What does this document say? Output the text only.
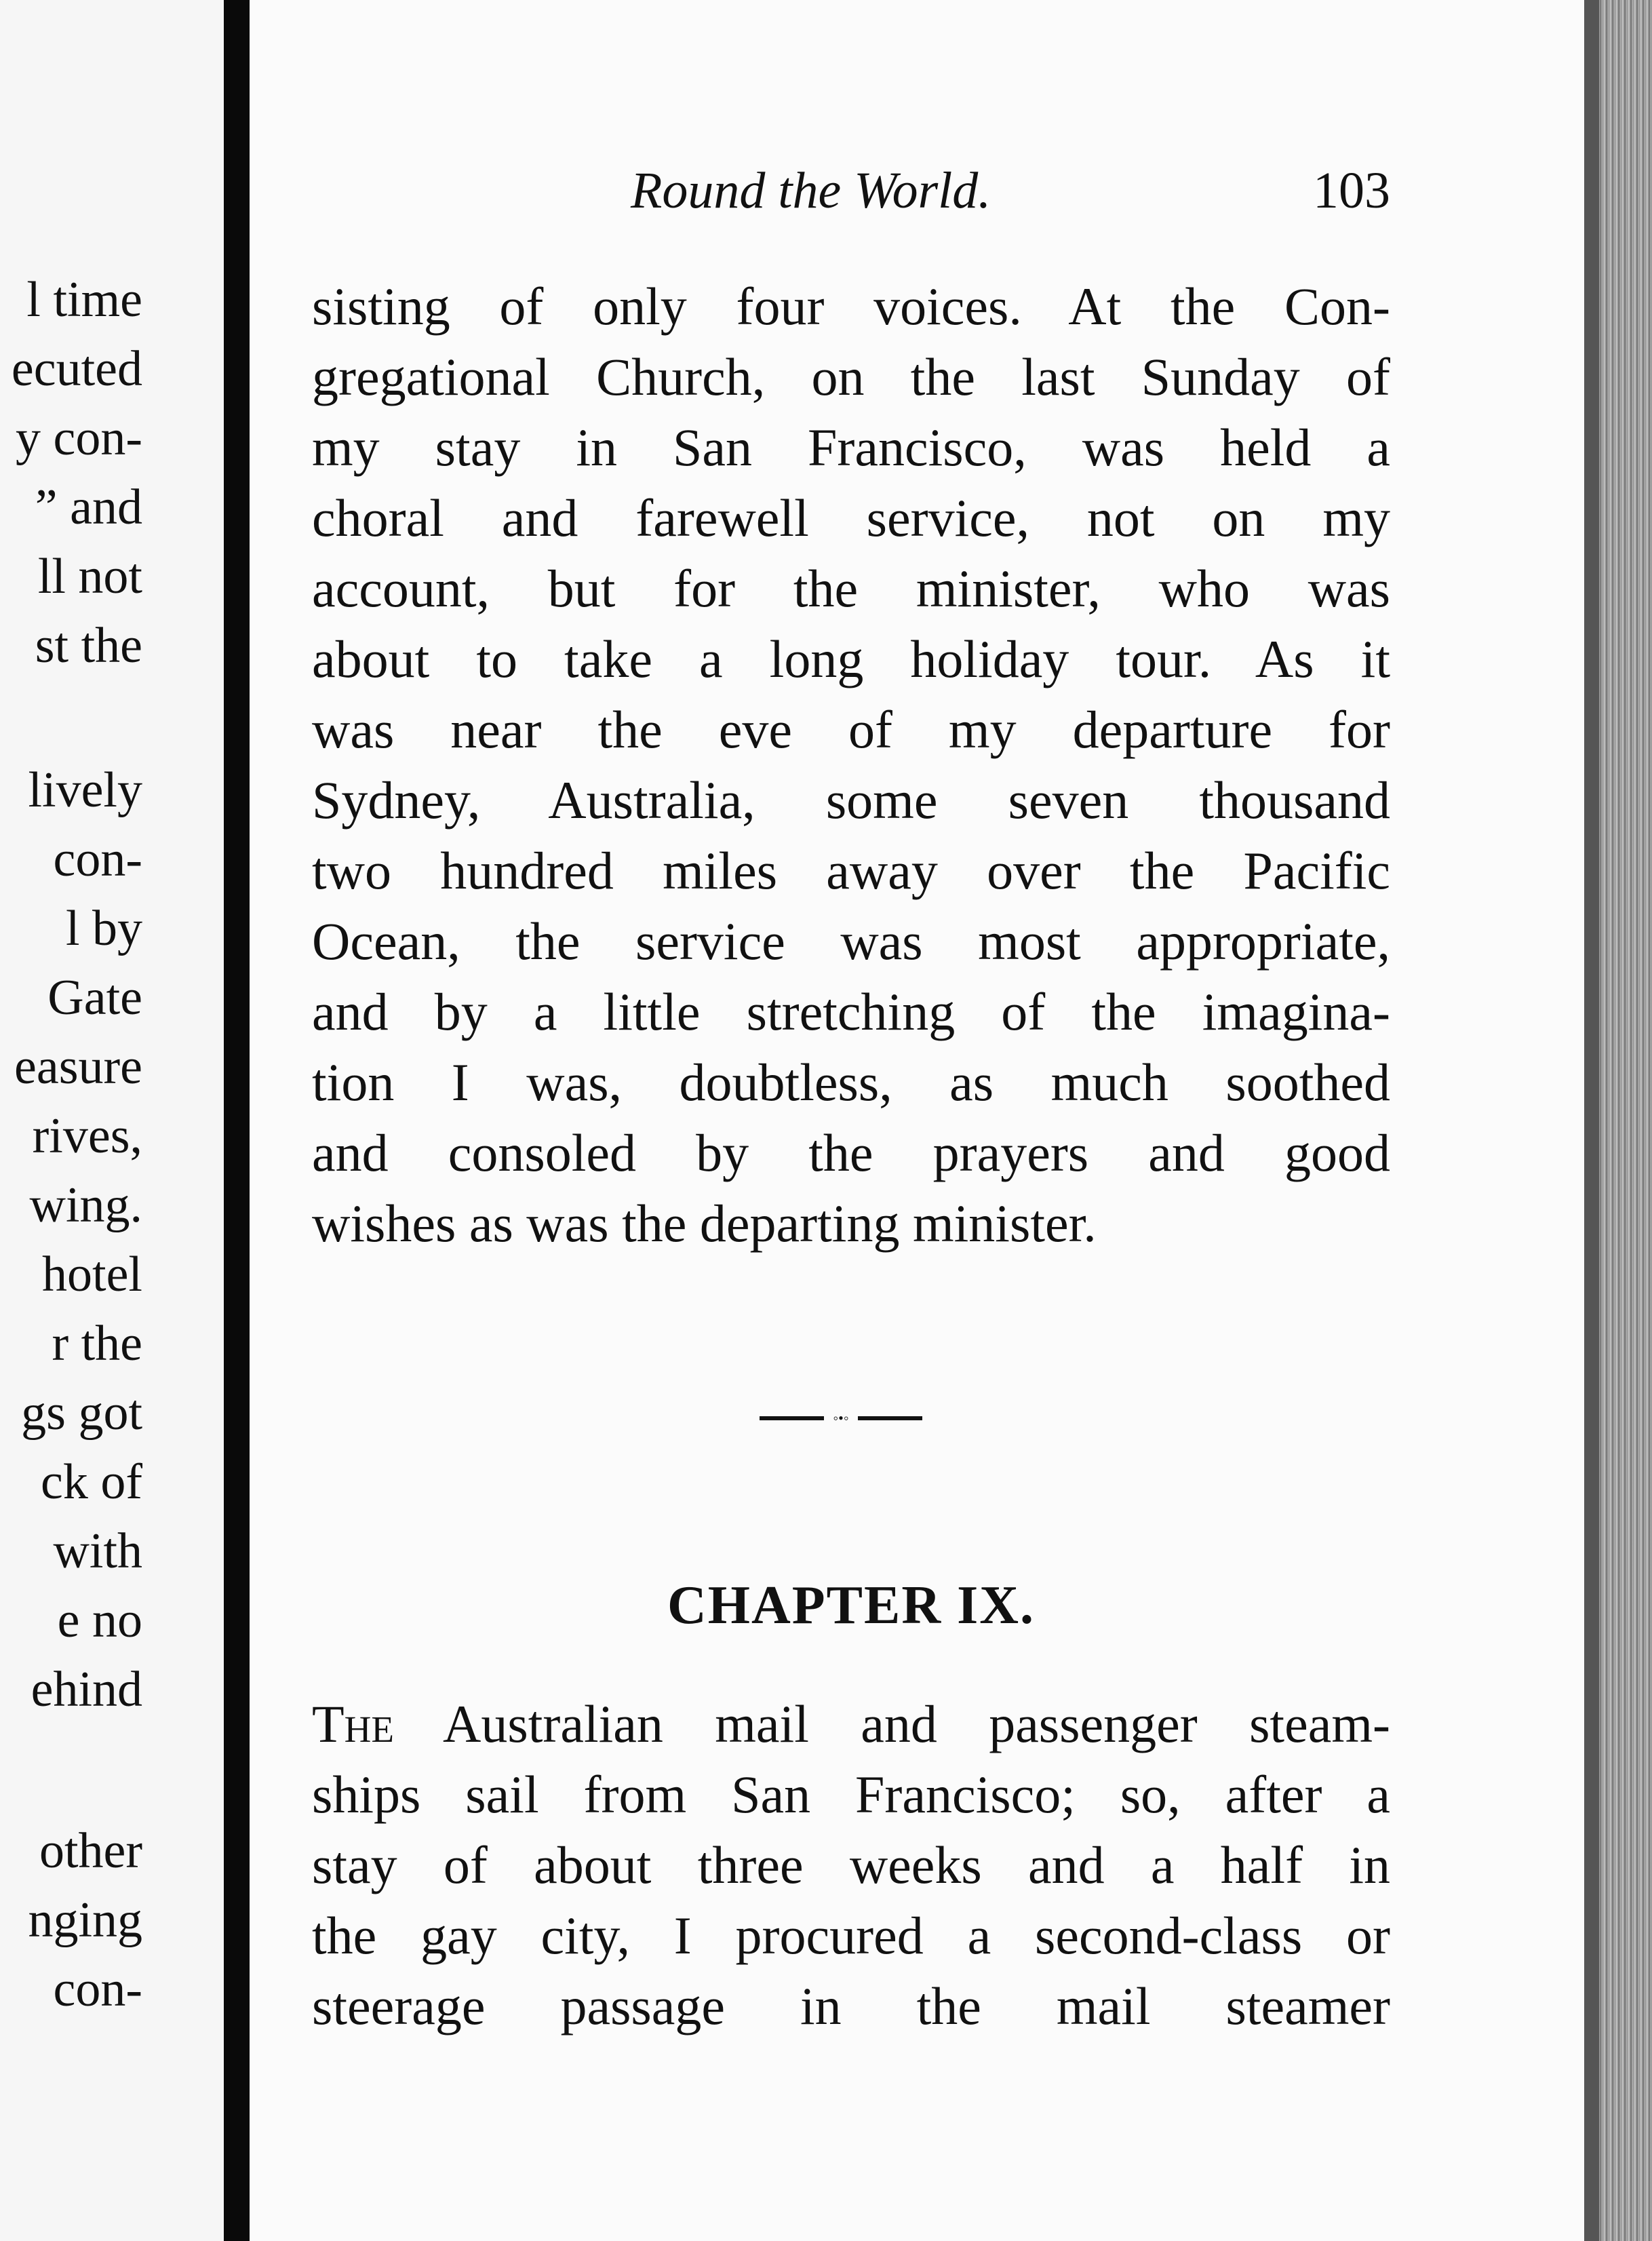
l time

ecuted

y con-

” and

ll not

st the

lively

con-

l by

Gate

easure

rives,

wing.

hotel

r the

gs got

ck of

with

e no

ehind

other

nging

con-

Round the World.	103

sisting of only four voices. At the Con-

gregational Church, on the last Sunday of

my stay in San Francisco, was held a

choral and farewell service, not on my

account, but for the minister, who was

about to take a long holiday tour. As it

was near the eve of my departure for

Sydney, Australia, some seven thousand

two hundred miles away over the Pacific

Ocean, the service was most appropriate,

and by a little stretching of the imagina-

tion I was, doubtless, as much soothed

and consoled by the prayers and good

wishes as was the departing minister.

◦•◦
CHAPTER IX.

The Australian mail and passenger steam-

ships sail from San Francisco; so, after a

stay of about three weeks and a half in

the gay city, I procured a second-class or

steerage passage in the mail steamer
